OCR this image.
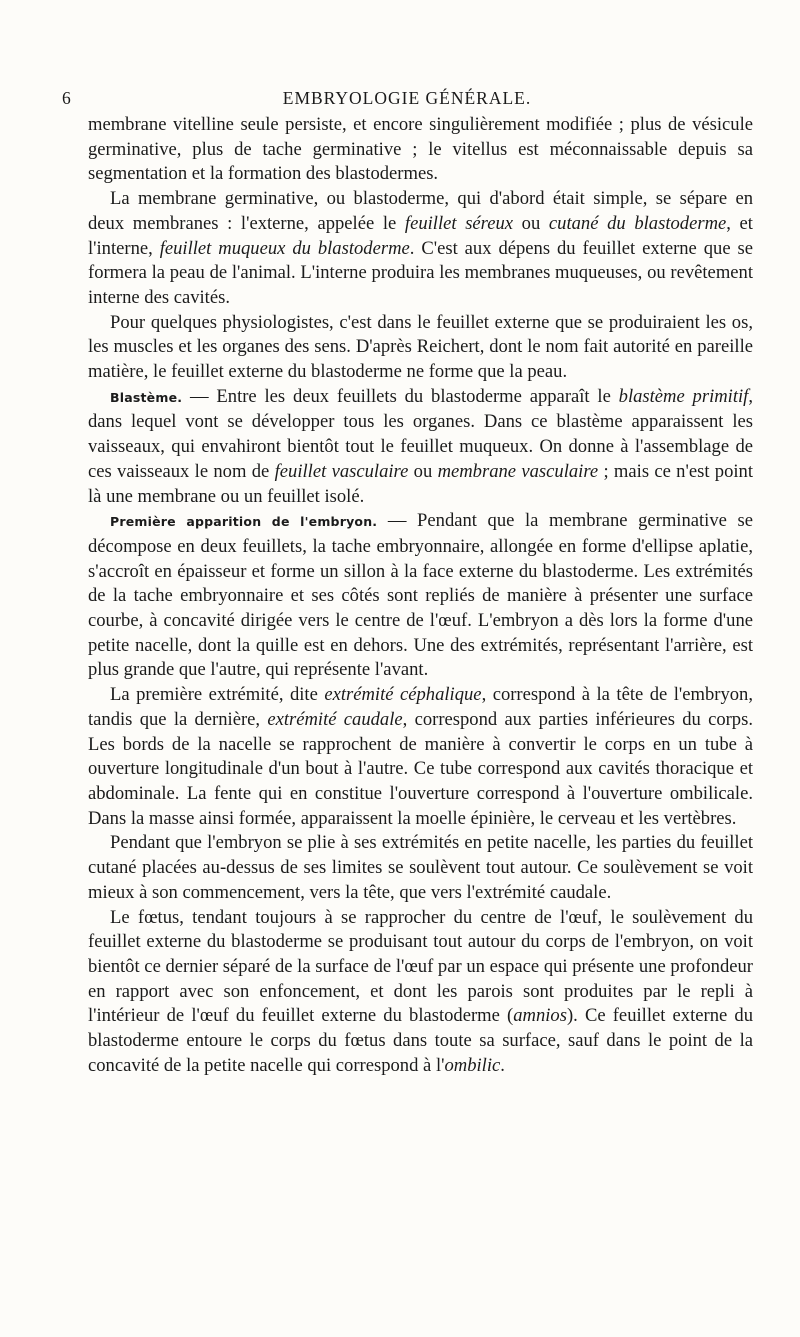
6	EMBRYOLOGIE GÉNÉRALE.

membrane vitelline seule persiste, et encore singulièrement modifiée ; plus de vésicule germinative, plus de tache germinative ; le vitellus est méconnaissable depuis sa segmentation et la formation des blastodermes.

La membrane germinative, ou blastoderme, qui d'abord était simple, se sépare en deux membranes : l'externe, appelée le feuillet séreux ou cutané du blastoderme, et l'interne, feuillet muqueux du blastoderme. C'est aux dépens du feuillet externe que se formera la peau de l'animal. L'interne produira les membranes muqueuses, ou revêtement interne des cavités.

Pour quelques physiologistes, c'est dans le feuillet externe que se produiraient les os, les muscles et les organes des sens. D'après Reichert, dont le nom fait autorité en pareille matière, le feuillet externe du blastoderme ne forme que la peau.

Blastème. — Entre les deux feuillets du blastoderme apparaît le blastème primitif, dans lequel vont se développer tous les organes. Dans ce blastème apparaissent les vaisseaux, qui envahiront bientôt tout le feuillet muqueux. On donne à l'assemblage de ces vaisseaux le nom de feuillet vasculaire ou membrane vasculaire ; mais ce n'est point là une membrane ou un feuillet isolé.

Première apparition de l'embryon. — Pendant que la membrane germinative se décompose en deux feuillets, la tache embryonnaire, allongée en forme d'ellipse aplatie, s'accroît en épaisseur et forme un sillon à la face externe du blastoderme. Les extrémités de la tache embryonnaire et ses côtés sont repliés de manière à présenter une surface courbe, à concavité dirigée vers le centre de l'œuf. L'embryon a dès lors la forme d'une petite nacelle, dont la quille est en dehors. Une des extrémités, représentant l'arrière, est plus grande que l'autre, qui représente l'avant.

La première extrémité, dite extrémité céphalique, correspond à la tête de l'embryon, tandis que la dernière, extrémité caudale, correspond aux parties inférieures du corps. Les bords de la nacelle se rapprochent de manière à convertir le corps en un tube à ouverture longitudinale d'un bout à l'autre. Ce tube correspond aux cavités thoracique et abdominale. La fente qui en constitue l'ouverture correspond à l'ouverture ombilicale. Dans la masse ainsi formée, apparaissent la moelle épinière, le cerveau et les vertèbres.

Pendant que l'embryon se plie à ses extrémités en petite nacelle, les parties du feuillet cutané placées au-dessus de ses limites se soulèvent tout autour. Ce soulèvement se voit mieux à son commencement, vers la tête, que vers l'extrémité caudale.

Le fœtus, tendant toujours à se rapprocher du centre de l'œuf, le soulèvement du feuillet externe du blastoderme se produisant tout autour du corps de l'embryon, on voit bientôt ce dernier séparé de la surface de l'œuf par un espace qui présente une profondeur en rapport avec son enfoncement, et dont les parois sont produites par le repli à l'intérieur de l'œuf du feuillet externe du blastoderme (amnios). Ce feuillet externe du blastoderme entoure le corps du fœtus dans toute sa surface, sauf dans le point de la concavité de la petite nacelle qui correspond à l'ombilic.
